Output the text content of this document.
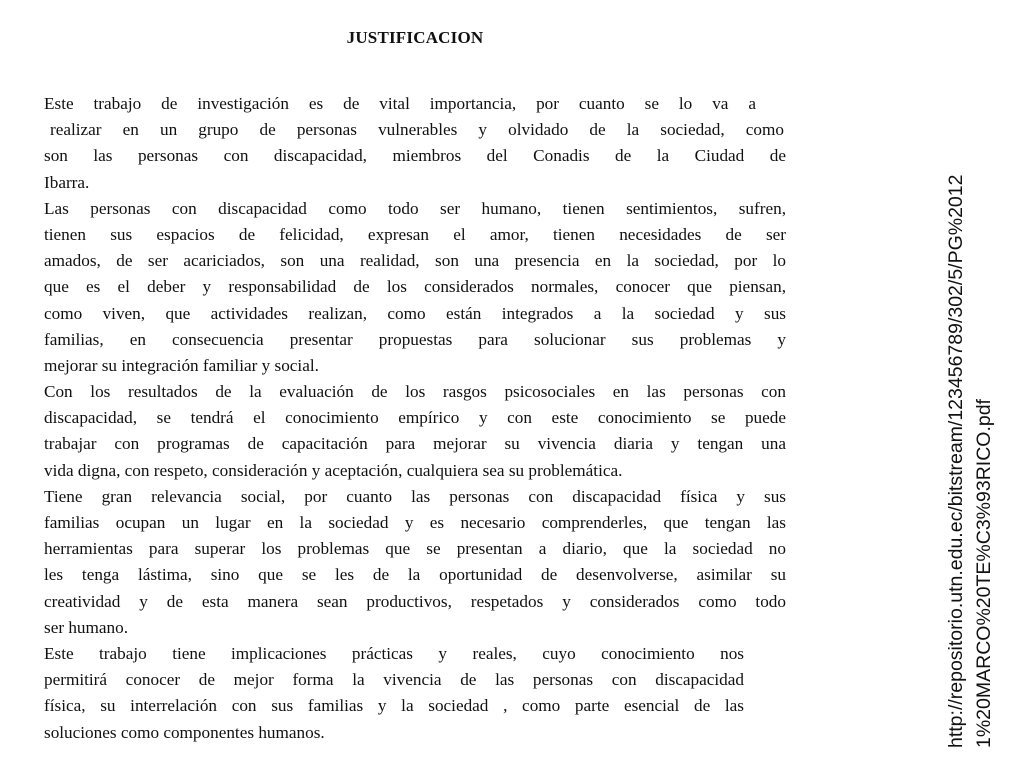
JUSTIFICACION
Este trabajo de investigación es de vital importancia, por cuanto se lo va a
realizar en un grupo de personas vulnerables y olvidado de la sociedad, como
son las personas con discapacidad, miembros del Conadis de la Ciudad de
Ibarra.
Las personas con discapacidad como todo ser humano, tienen sentimientos, sufren,
tienen sus espacios de felicidad, expresan el amor, tienen necesidades de ser
amados, de ser acariciados, son una realidad, son una presencia en la sociedad, por lo
que es el deber y responsabilidad de los considerados normales, conocer que piensan,
como viven, que actividades realizan, como están integrados a la sociedad y sus
familias, en consecuencia presentar propuestas para solucionar sus problemas y
mejorar su integración familiar y social.
Con los resultados de la evaluación de los rasgos psicosociales en las personas con
discapacidad, se tendrá el conocimiento empírico y con este conocimiento se puede
trabajar con programas de capacitación para mejorar su vivencia diaria y tengan una
vida digna, con respeto, consideración y aceptación, cualquiera sea su problemática.
Tiene gran relevancia social, por cuanto las personas con discapacidad física y sus
familias ocupan un lugar en la sociedad y es necesario comprenderles, que tengan las
herramientas para superar los problemas que se presentan a diario, que la sociedad no
les tenga lástima, sino que se les de la oportunidad de desenvolverse, asimilar su
creatividad y de esta manera sean productivos, respetados y considerados como todo
ser humano.
Este trabajo tiene implicaciones prácticas y reales, cuyo conocimiento nos
permitirá conocer de mejor forma la vivencia de las personas con discapacidad
física, su interrelación con sus familias y la sociedad , como parte esencial de las
soluciones como componentes humanos.	http://repositorio.utn.edu.ec/bitstream/123456789/302/5/PG%2012 1%20MARCO%20TE%C3%93RICO.pdf
